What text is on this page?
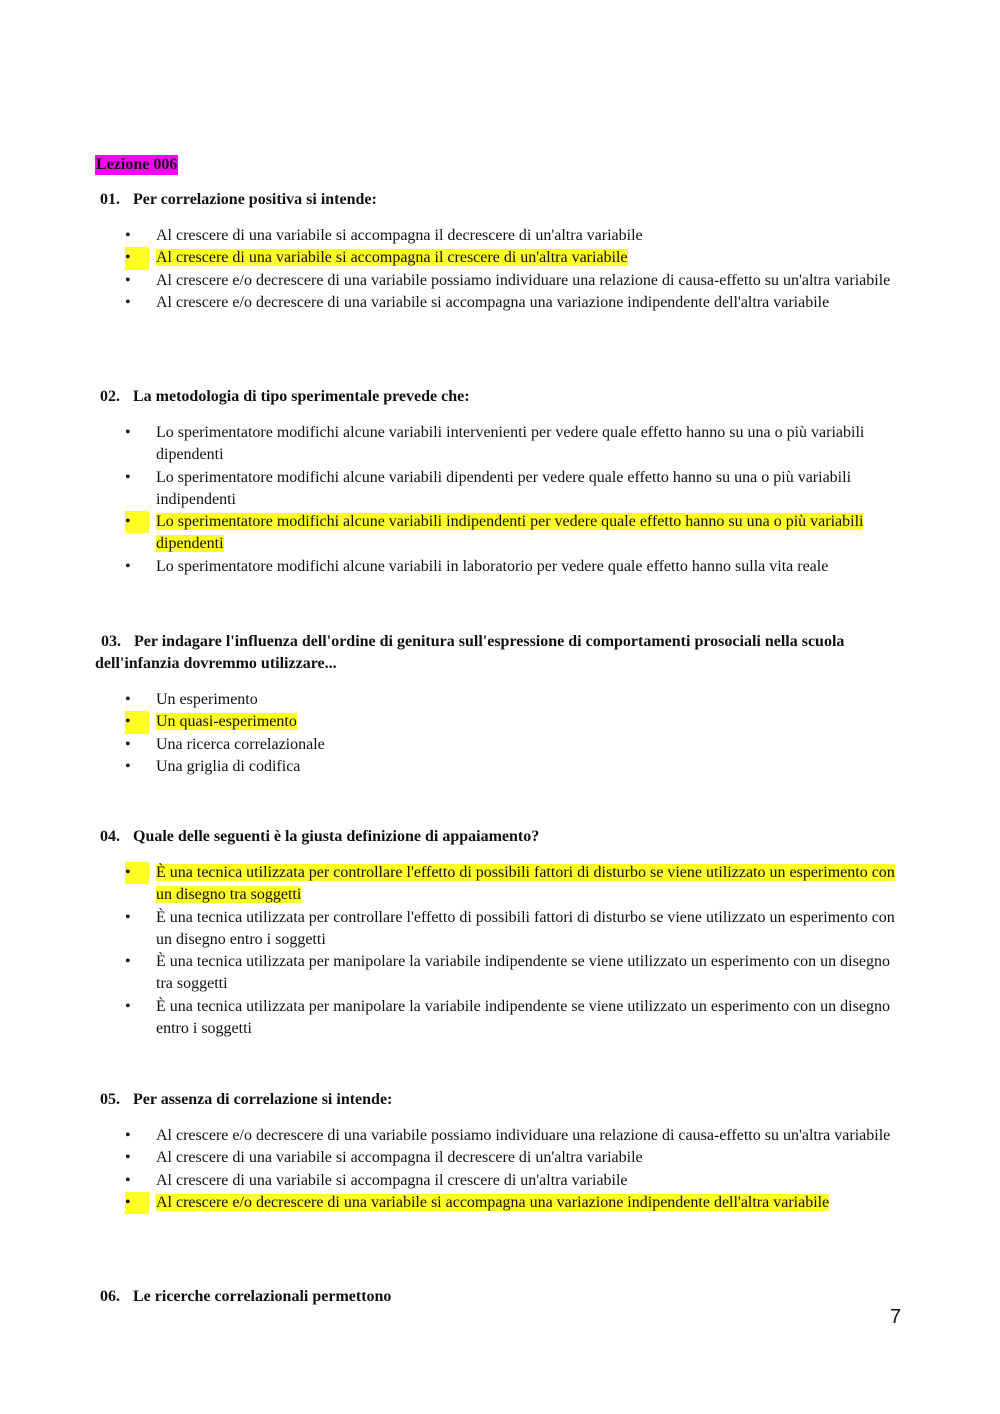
Lezione 006

01. Per correlazione positiva si intende:

•	Al crescere di una variabile si accompagna il decrescere di un'altra variabile
•	Al crescere di una variabile si accompagna il crescere di un'altra variabile
•	Al crescere e/o decrescere di una variabile possiamo individuare una relazione di causa-effetto su un'altra variabile
•	Al crescere e/o decrescere di una variabile si accompagna una variazione indipendente dell'altra variabile

02. La metodologia di tipo sperimentale prevede che:

•	Lo sperimentatore modifichi alcune variabili intervenienti per vedere quale effetto hanno su una o più variabili dipendenti
•	Lo sperimentatore modifichi alcune variabili dipendenti per vedere quale effetto hanno su una o più variabili indipendenti
•	Lo sperimentatore modifichi alcune variabili indipendenti per vedere quale effetto hanno su una o più variabili dipendenti
•	Lo sperimentatore modifichi alcune variabili in laboratorio per vedere quale effetto hanno sulla vita reale

03. Per indagare l'influenza dell'ordine di genitura sull'espressione di comportamenti prosociali nella scuola dell'infanzia dovremmo utilizzare...

•	Un esperimento
•	Un quasi-esperimento
•	Una ricerca correlazionale
•	Una griglia di codifica

04. Quale delle seguenti è la giusta definizione di appaiamento?

•	È una tecnica utilizzata per controllare l'effetto di possibili fattori di disturbo se viene utilizzato un esperimento con un disegno tra soggetti
•	È una tecnica utilizzata per controllare l'effetto di possibili fattori di disturbo se viene utilizzato un esperimento con un disegno entro i soggetti
•	È una tecnica utilizzata per manipolare la variabile indipendente se viene utilizzato un esperimento con un disegno tra soggetti
•	È una tecnica utilizzata per manipolare la variabile indipendente se viene utilizzato un esperimento con un disegno entro i soggetti

05. Per assenza di correlazione si intende:

•	Al crescere e/o decrescere di una variabile possiamo individuare una relazione di causa-effetto su un'altra variabile
•	Al crescere di una variabile si accompagna il decrescere di un'altra variabile
•	Al crescere di una variabile si accompagna il crescere di un'altra variabile
•	Al crescere e/o decrescere di una variabile si accompagna una variazione indipendente dell'altra variabile

06. Le ricerche correlazionali permettono

7
